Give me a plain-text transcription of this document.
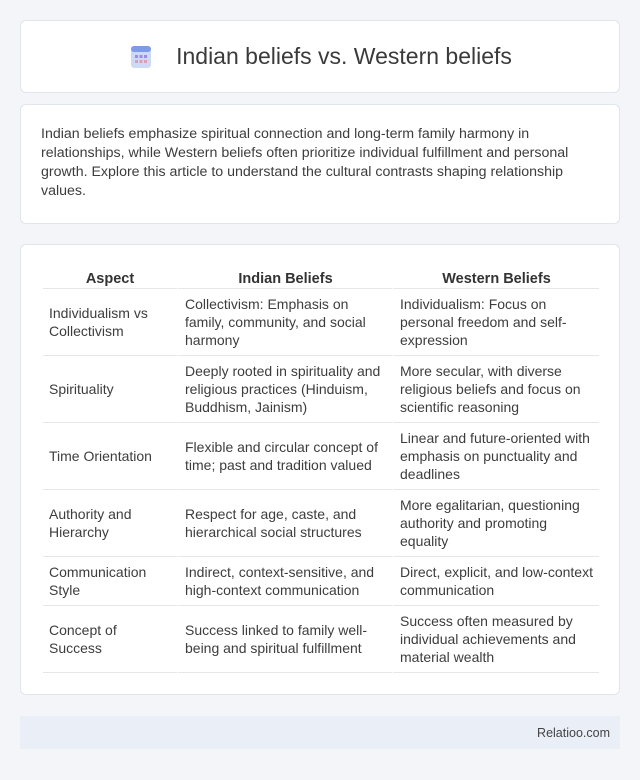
Indian beliefs vs. Western beliefs

Indian beliefs emphasize spiritual connection and long-term family harmony in relationships, while Western beliefs often prioritize individual fulfillment and personal growth. Explore this article to understand the cultural contrasts shaping relationship values.

Aspect	Indian Beliefs	Western Beliefs
Individualism vs Collectivism	Collectivism: Emphasis on family, community, and social harmony	Individualism: Focus on personal freedom and self-expression
Spirituality	Deeply rooted in spirituality and religious practices (Hinduism, Buddhism, Jainism)	More secular, with diverse religious beliefs and focus on scientific reasoning
Time Orientation	Flexible and circular concept of time; past and tradition valued	Linear and future-oriented with emphasis on punctuality and deadlines
Authority and Hierarchy	Respect for age, caste, and hierarchical social structures	More egalitarian, questioning authority and promoting equality
Communication Style	Indirect, context-sensitive, and high-context communication	Direct, explicit, and low-context communication
Concept of Success	Success linked to family well-being and spiritual fulfillment	Success often measured by individual achievements and material wealth
Relatioo.com
